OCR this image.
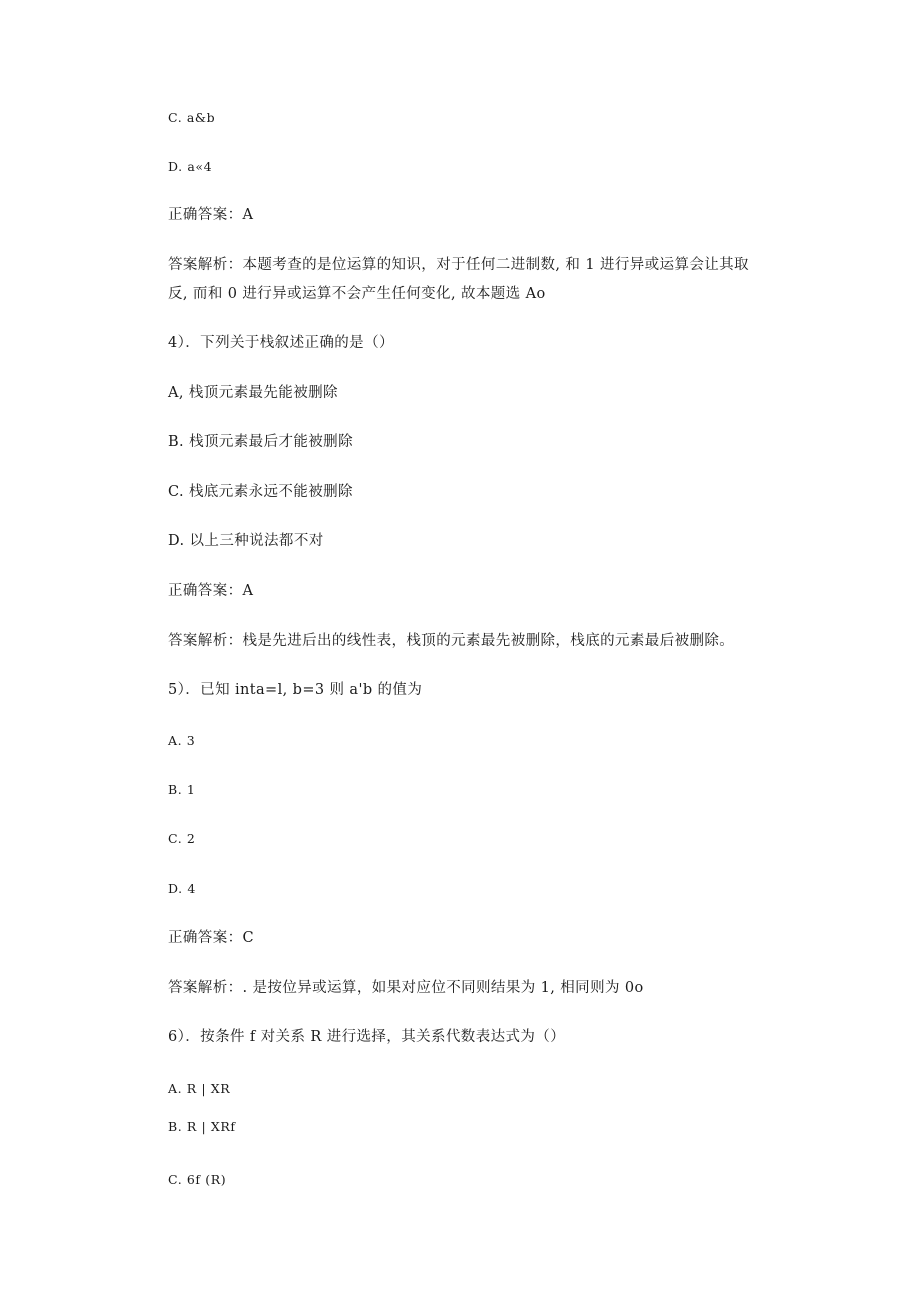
C. a&b
D. a«4
正确答案：A
答案解析：本题考查的是位运算的知识，对于任何二进制数, 和 1 进行异或运算会让其取
反, 而和 0 进行异或运算不会产生任何变化, 故本题选 Ao
4）．下列关于栈叙述正确的是（）
A, 栈顶元素最先能被删除
B. 栈顶元素最后才能被删除
C. 栈底元素永远不能被删除
D. 以上三种说法都不对
正确答案：A
答案解析：栈是先进后出的线性表，栈顶的元素最先被删除，栈底的元素最后被删除。
5）．已知 inta=l, b=3 则 a'b 的值为
A. 3
B. 1
C. 2
D. 4
正确答案：C
答案解析：. 是按位异或运算，如果对应位不同则结果为 1, 相同则为 0o
6）．按条件 f 对关系 R 进行选择，其关系代数表达式为（）
A. R | XR
B. R | XRf
C. 6f (R)
